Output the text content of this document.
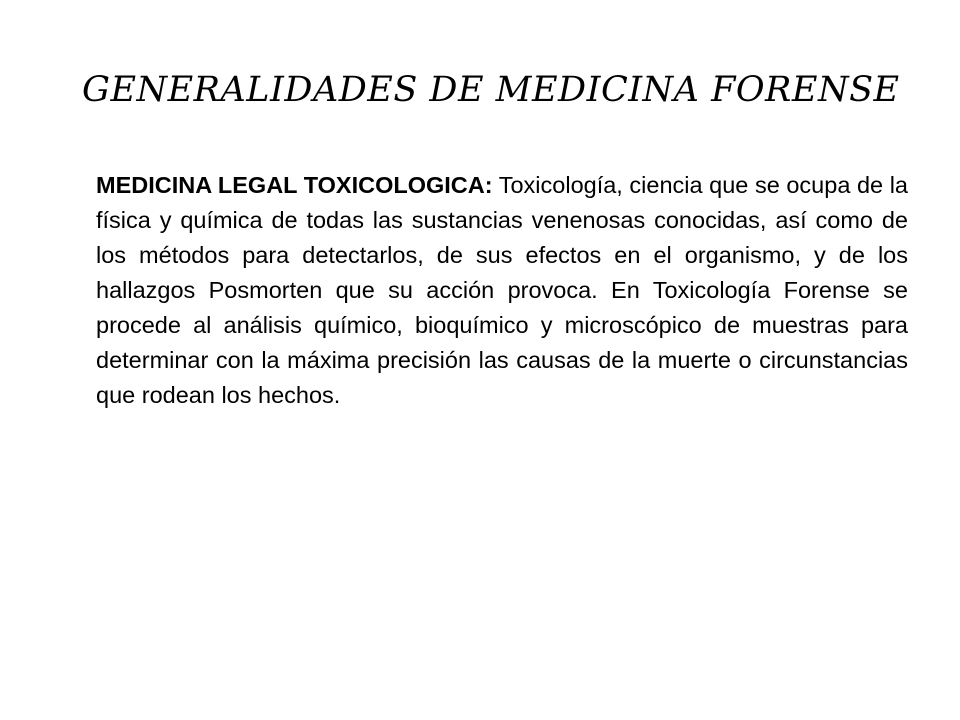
GENERALIDADES DE MEDICINA FORENSE

MEDICINA LEGAL TOXICOLOGICA: Toxicología, ciencia que se ocupa de la física y química de todas las sustancias venenosas conocidas, así como de los métodos para detectarlos, de sus efectos en el organismo, y de los hallazgos Posmorten que su acción provoca. En Toxicología Forense se procede al análisis químico, bioquímico y microscópico de muestras para determinar con la máxima precisión las causas de la muerte o circunstancias que rodean los hechos.
